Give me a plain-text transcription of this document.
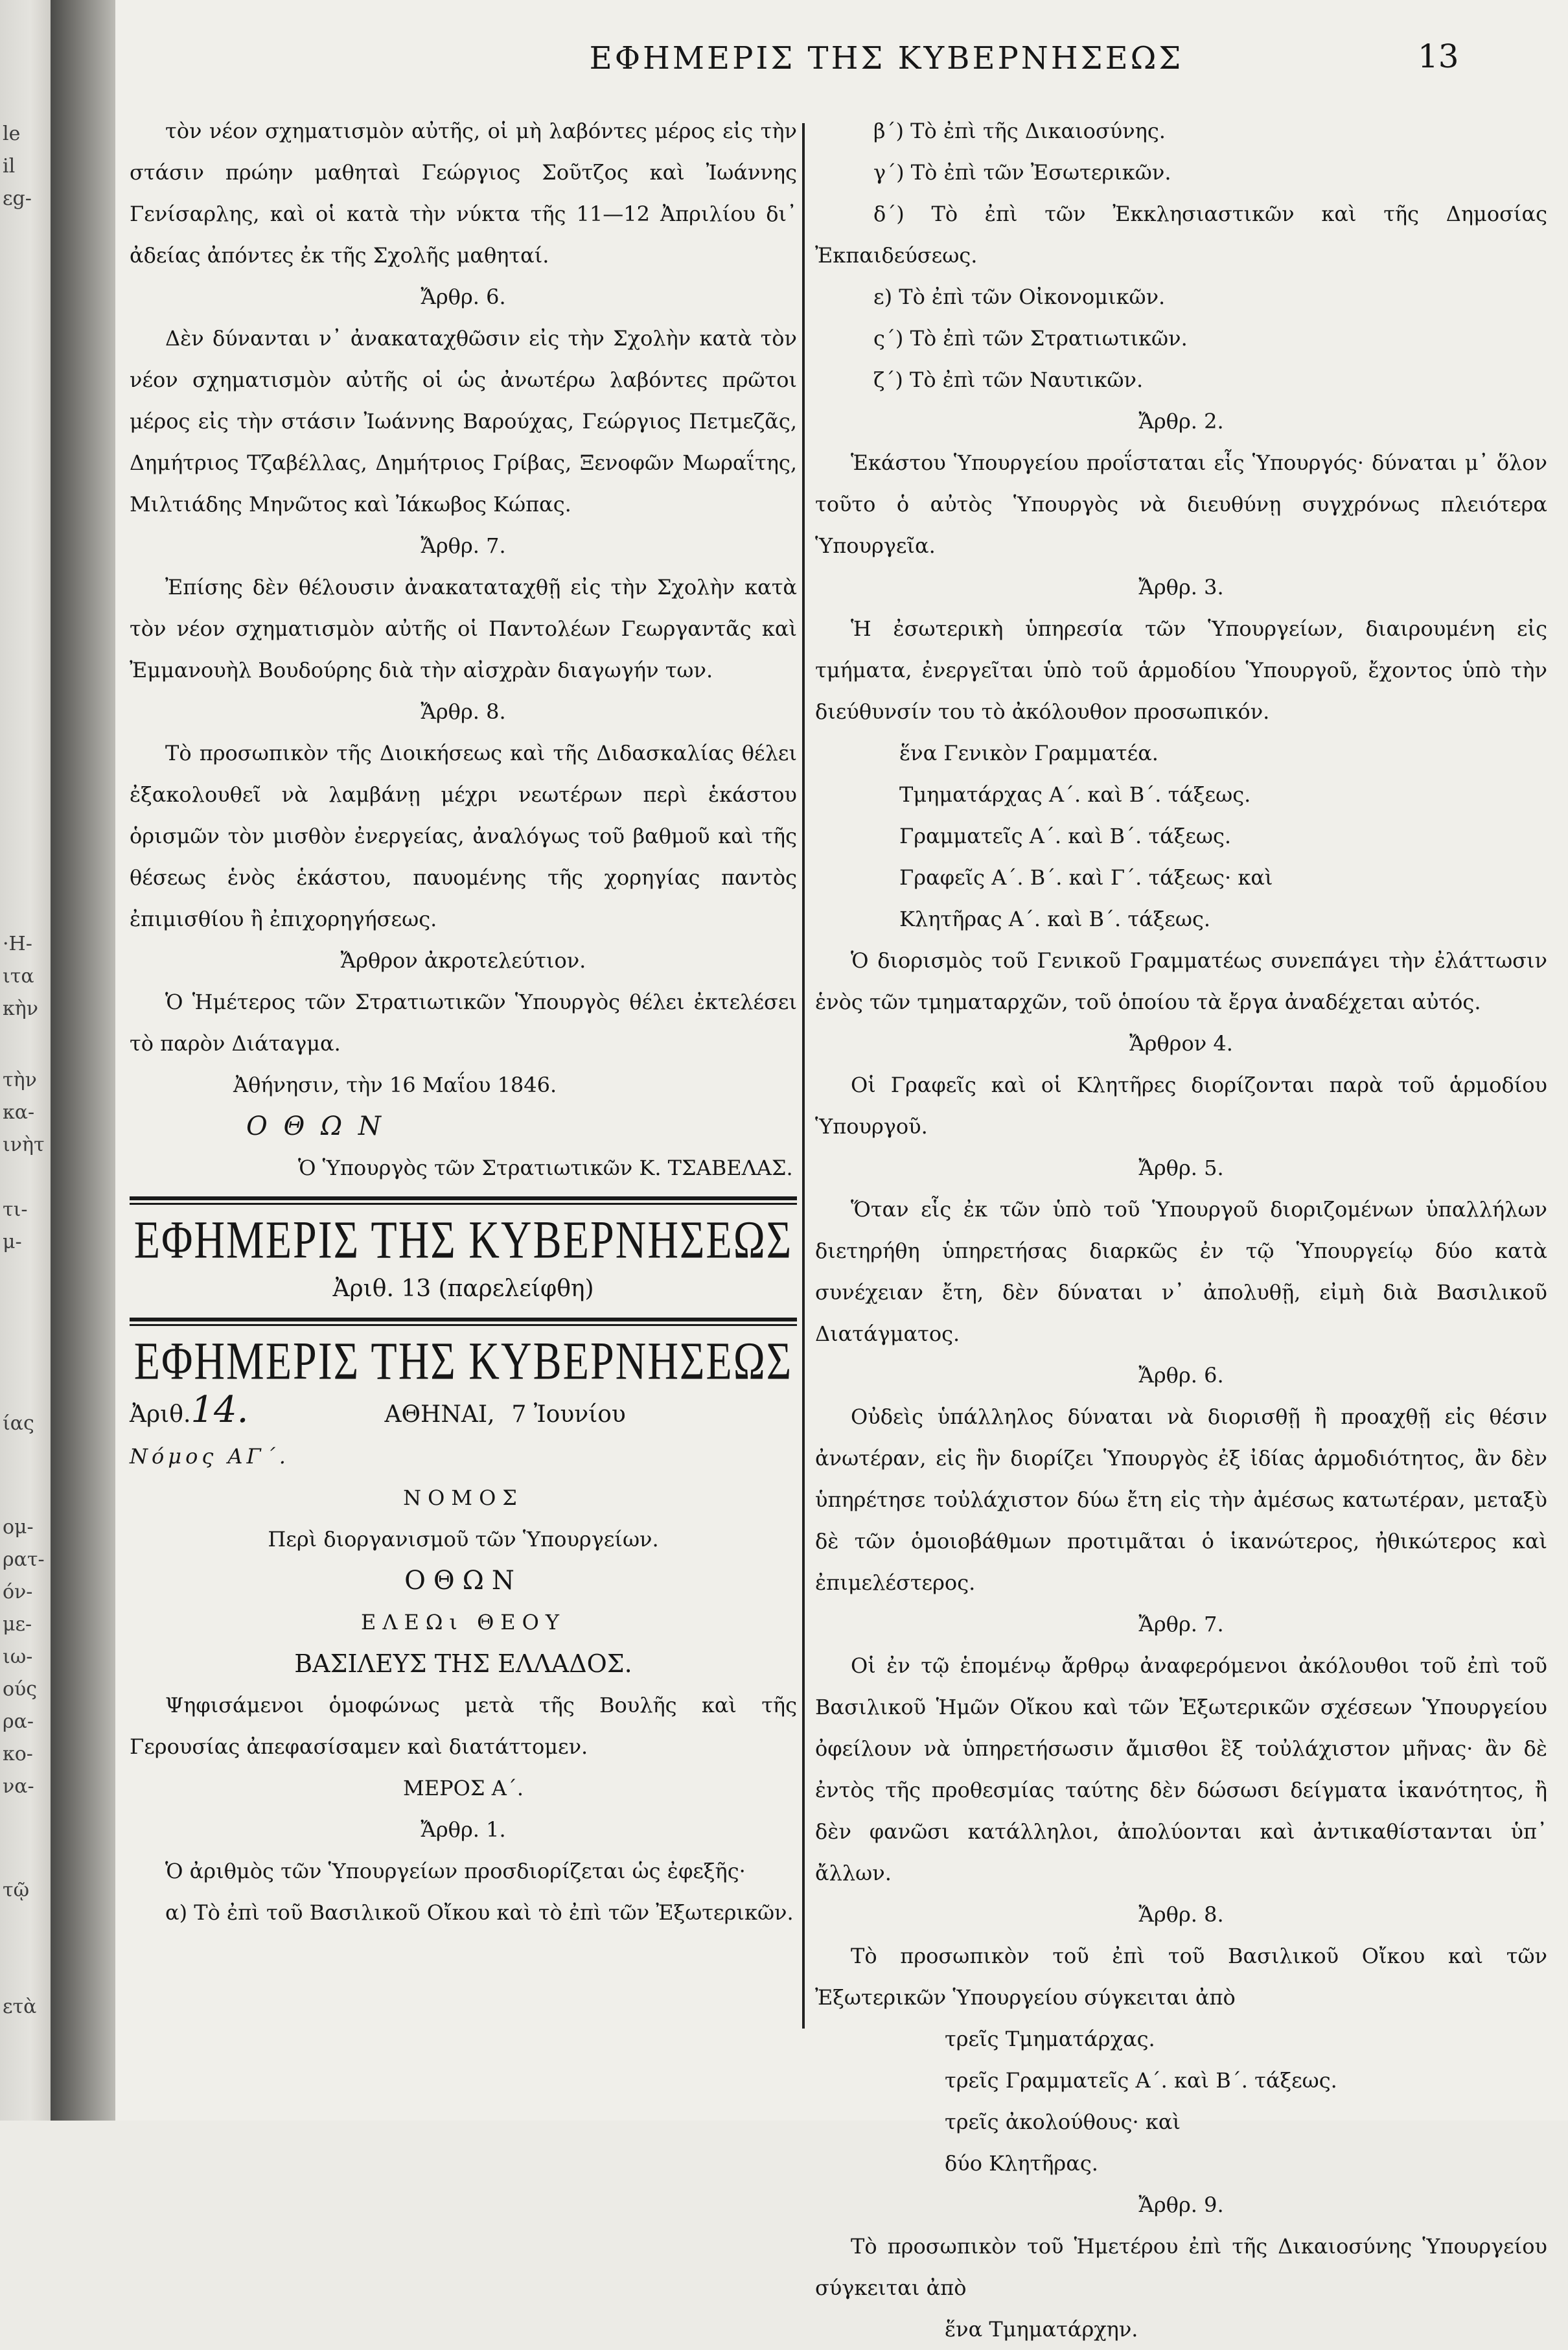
le
il
εg-
·Η-
ιτα
κὴν
τὴν
κα-
ινὴτ
τι-
μ-
ίας
ομ-
ρατ-
όν-
με-
ιω-
ούς
ρα-
κο-
να-
τῷ
ετὰ
ΕΦΗΜΕΡΙΣ ΤΗΣ ΚΥΒΕΡΝΗΣΕΩΣ	13

τὸν νέον σχηματισμὸν αὐτῆς, οἱ μὴ λαβόντες μέρος εἰς τὴν στάσιν πρώην μαθηταὶ Γεώργιος Σοῦτζος καὶ Ἰωάννης Γενίσαρλης, καὶ οἱ κατὰ τὴν νύκτα τῆς 11—12 Ἀπριλίου δι᾽ ἀδείας ἀπόντες ἐκ τῆς Σχολῆς μαθηταί.

Ἄρθρ. 6.

Δὲν δύνανται ν᾽ ἀνακαταχθῶσιν εἰς τὴν Σχολὴν κατὰ τὸν νέον σχηματισμὸν αὐτῆς οἱ ὡς ἀνωτέρω λαβόντες πρῶτοι μέρος εἰς τὴν στάσιν Ἰωάννης Βαρούχας, Γεώργιος Πετμεζᾶς, Δημήτριος Τζαβέλλας, Δημήτριος Γρίβας, Ξενοφῶν Μωραΐτης, Μιλτιάδης Μηνῶτος καὶ Ἰάκωβος Κώπας.

Ἄρθρ. 7.

Ἐπίσης δὲν θέλουσιν ἀνακαταταχθῇ εἰς τὴν Σχολὴν κατὰ τὸν νέον σχηματισμὸν αὐτῆς οἱ Παντολέων Γεωργαντᾶς καὶ Ἐμμανουὴλ Βουδούρης διὰ τὴν αἰσχρὰν διαγωγήν των.

Ἄρθρ. 8.

Τὸ προσωπικὸν τῆς Διοικήσεως καὶ τῆς Διδασκαλίας θέλει ἐξακολουθεῖ νὰ λαμβάνῃ μέχρι νεωτέρων περὶ ἑκάστου ὁρισμῶν τὸν μισθὸν ἐνεργείας, ἀναλόγως τοῦ βαθμοῦ καὶ τῆς θέσεως ἑνὸς ἑκάστου, παυομένης τῆς χορηγίας παντὸς ἐπιμισθίου ἢ ἐπιχορηγήσεως.

Ἄρθρον ἀκροτελεύτιον.

Ὁ Ἡμέτερος τῶν Στρατιωτικῶν Ὑπουργὸς θέλει ἐκτελέσει τὸ παρὸν Διάταγμα.

Ἀθήνησιν, τὴν 16 Μαΐου 1846.

Ο Θ Ω Ν

Ὁ Ὑπουργὸς τῶν Στρατιωτικῶν Κ. ΤΣΑΒΕΛΑΣ.

ΕΦΗΜΕΡΙΣ ΤΗΣ ΚΥΒΕΡΝΗΣΕΩΣ
Ἀριθ. 13 (παρελείφθη)
ΕΦΗΜΕΡΙΣ ΤΗΣ ΚΥΒΕΡΝΗΣΕΩΣ
Ἀριθ. 14.	ΑΘΗΝΑΙ, 7 Ἰουνίου

Νόμος ΑΓ΄.

ΝΟΜΟΣ

Περὶ διοργανισμοῦ τῶν Ὑπουργείων.

ΟΘΩΝ

ΕΛΕΩι ΘΕΟΥ

ΒΑΣΙΛΕΥΣ ΤΗΣ ΕΛΛΑΔΟΣ.

Ψηφισάμενοι ὁμοφώνως μετὰ τῆς Βουλῆς καὶ τῆς Γερουσίας ἀπεφασίσαμεν καὶ διατάττομεν.

ΜΕΡΟΣ Α΄.

Ἄρθρ. 1.

Ὁ ἀριθμὸς τῶν Ὑπουργείων προσδιορίζεται ὡς ἐφεξῆς·

α) Τὸ ἐπὶ τοῦ Βασιλικοῦ Οἴκου καὶ τὸ ἐπὶ τῶν Ἐξωτερικῶν.

β΄) Τὸ ἐπὶ τῆς Δικαιοσύνης.

γ΄) Τὸ ἐπὶ τῶν Ἐσωτερικῶν.

δ΄) Τὸ ἐπὶ τῶν Ἐκκλησιαστικῶν καὶ τῆς Δημοσίας Ἐκπαιδεύσεως.

ε) Τὸ ἐπὶ τῶν Οἰκονομικῶν.

ς΄) Τὸ ἐπὶ τῶν Στρατιωτικῶν.

ζ΄) Τὸ ἐπὶ τῶν Ναυτικῶν.

Ἄρθρ. 2.

Ἑκάστου Ὑπουργείου προΐσταται εἷς Ὑπουργός· δύναται μ᾽ ὅλον τοῦτο ὁ αὐτὸς Ὑπουργὸς νὰ διευθύνῃ συγχρόνως πλειότερα Ὑπουργεῖα.

Ἄρθρ. 3.

Ἡ ἐσωτερικὴ ὑπηρεσία τῶν Ὑπουργείων, διαιρουμένη εἰς τμήματα, ἐνεργεῖται ὑπὸ τοῦ ἁρμοδίου Ὑπουργοῦ, ἔχοντος ὑπὸ τὴν διεύθυνσίν του τὸ ἀκόλουθον προσωπικόν.

ἕνα Γενικὸν Γραμματέα.

Τμηματάρχας Α΄. καὶ Β΄. τάξεως.

Γραμματεῖς Α΄. καὶ Β΄. τάξεως.

Γραφεῖς Α΄. Β΄. καὶ Γ΄. τάξεως· καὶ

Κλητῆρας Α΄. καὶ Β΄. τάξεως.

Ὁ διορισμὸς τοῦ Γενικοῦ Γραμματέως συνεπάγει τὴν ἐλάττωσιν ἑνὸς τῶν τμηματαρχῶν, τοῦ ὁποίου τὰ ἔργα ἀναδέχεται αὐτός.

Ἄρθρον 4.

Οἱ Γραφεῖς καὶ οἱ Κλητῆρες διορίζονται παρὰ τοῦ ἁρμοδίου Ὑπουργοῦ.

Ἄρθρ. 5.

Ὅταν εἷς ἐκ τῶν ὑπὸ τοῦ Ὑπουργοῦ διοριζομένων ὑπαλλήλων διετηρήθη ὑπηρετήσας διαρκῶς ἐν τῷ Ὑπουργείῳ δύο κατὰ συνέχειαν ἔτη, δὲν δύναται ν᾽ ἀπολυθῇ, εἰμὴ διὰ Βασιλικοῦ Διατάγματος.

Ἄρθρ. 6.

Οὐδεὶς ὑπάλληλος δύναται νὰ διορισθῇ ἢ προαχθῇ εἰς θέσιν ἀνωτέραν, εἰς ἣν διορίζει Ὑπουργὸς ἐξ ἰδίας ἁρμοδιότητος, ἂν δὲν ὑπηρέτησε τοὐλάχιστον δύω ἔτη εἰς τὴν ἀμέσως κατωτέραν, μεταξὺ δὲ τῶν ὁμοιοβάθμων προτιμᾶται ὁ ἱκανώτερος, ἠθικώτερος καὶ ἐπιμελέστερος.

Ἄρθρ. 7.

Οἱ ἐν τῷ ἑπομένῳ ἄρθρῳ ἀναφερόμενοι ἀκόλουθοι τοῦ ἐπὶ τοῦ Βασιλικοῦ Ἡμῶν Οἴκου καὶ τῶν Ἐξωτερικῶν σχέσεων Ὑπουργείου ὀφείλουν νὰ ὑπηρετήσωσιν ἄμισθοι ἓξ τοὐλάχιστον μῆνας· ἂν δὲ ἐντὸς τῆς προθεσμίας ταύτης δὲν δώσωσι δείγματα ἱκανότητος, ἢ δὲν φανῶσι κατάλληλοι, ἀπολύονται καὶ ἀντικαθίστανται ὑπ᾽ ἄλλων.

Ἄρθρ. 8.

Τὸ προσωπικὸν τοῦ ἐπὶ τοῦ Βασιλικοῦ Οἴκου καὶ τῶν Ἐξωτερικῶν Ὑπουργείου σύγκειται ἀπὸ

τρεῖς Τμηματάρχας.

τρεῖς Γραμματεῖς Α΄. καὶ Β΄. τάξεως.

τρεῖς ἀκολούθους· καὶ

δύο Κλητῆρας.

Ἄρθρ. 9.

Τὸ προσωπικὸν τοῦ Ἡμετέρου ἐπὶ τῆς Δικαιοσύνης Ὑπουργείου σύγκειται ἀπὸ

ἕνα Τμηματάρχην.
